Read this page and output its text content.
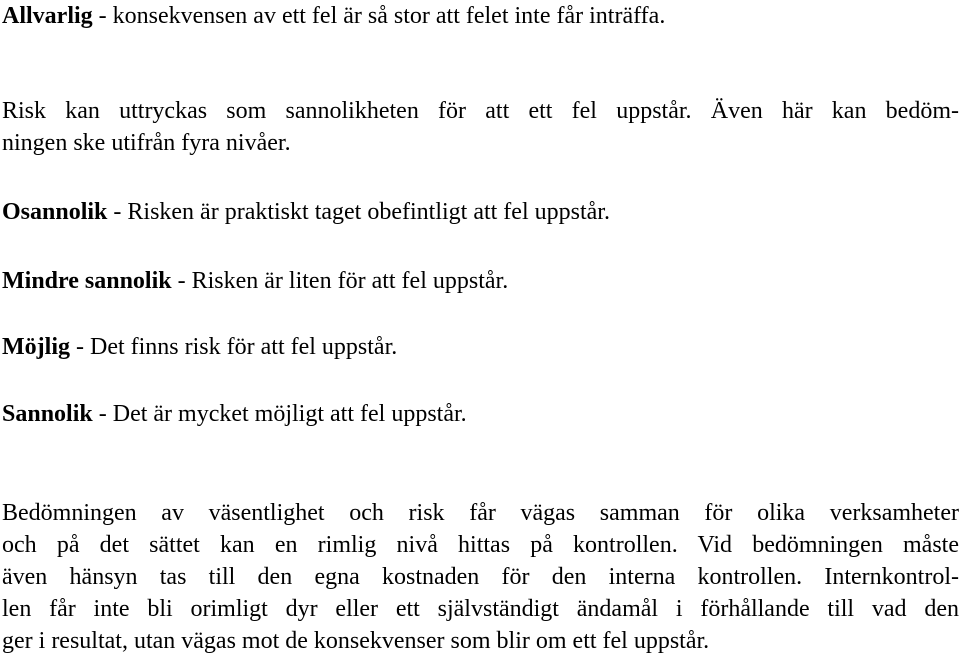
Allvarlig - konsekvensen av ett fel är så stor att felet inte får inträffa.

Risk kan uttryckas som sannolikheten för att ett fel uppstår. Även här kan bedöm-
ningen ske utifrån fyra nivåer.

Osannolik - Risken är praktiskt taget obefintligt att fel uppstår.

Mindre sannolik - Risken är liten för att fel uppstår.

Möjlig - Det finns risk för att fel uppstår.

Sannolik - Det är mycket möjligt att fel uppstår.

Bedömningen av väsentlighet och risk får vägas samman för olika verksamheter
och på det sättet kan en rimlig nivå hittas på kontrollen. Vid bedömningen måste
även hänsyn tas till den egna kostnaden för den interna kontrollen. Internkontrol-
len får inte bli orimligt dyr eller ett självständigt ändamål i förhållande till vad den
ger i resultat, utan vägas mot de konsekvenser som blir om ett fel uppstår.
